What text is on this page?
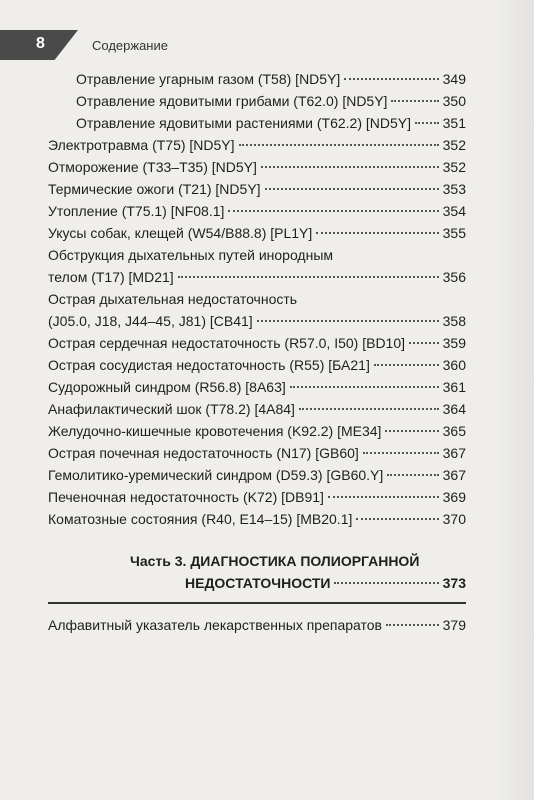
8	Содержание
Отравление угарным газом (T58) [ND5Y]	349
Отравление ядовитыми грибами (T62.0) [ND5Y]	350
Отравление ядовитыми растениями (T62.2) [ND5Y] 351
Электротравма (T75) [ND5Y]	352
Отморожение (T33–T35) [ND5Y]	352
Термические ожоги (T21) [ND5Y]	353
Утопление (T75.1) [NF08.1]	354
Укусы собак, клещей (W54/B88.8) [PL1Y]	355
Обструкция дыхательных путей инородным
телом (T17) [MD21]	356
Острая дыхательная недостаточность
(J05.0, J18, J44–45, J81) [CB41]	358
Острая сердечная недостаточность (R57.0, I50) [BD10]	359
Острая сосудистая недостаточность (R55) [БА21]	360
Судорожный синдром (R56.8) [8A63]	361
Анафилактический шок (T78.2) [4A84]	364
Желудочно-кишечные кровотечения (K92.2) [ME34]	365
Острая почечная недостаточность (N17) [GB60]	367
Гемолитико-уремический синдром (D59.3) [GB60.Y]	367
Печеночная недостаточность (K72) [DB91]	369
Коматозные состояния (R40, E14–15) [MB20.1]	370
Часть 3. ДИАГНОСТИКА ПОЛИОРГАННОЙ
НЕДОСТАТОЧНОСТИ	373
Алфавитный указатель лекарственных препаратов	379
